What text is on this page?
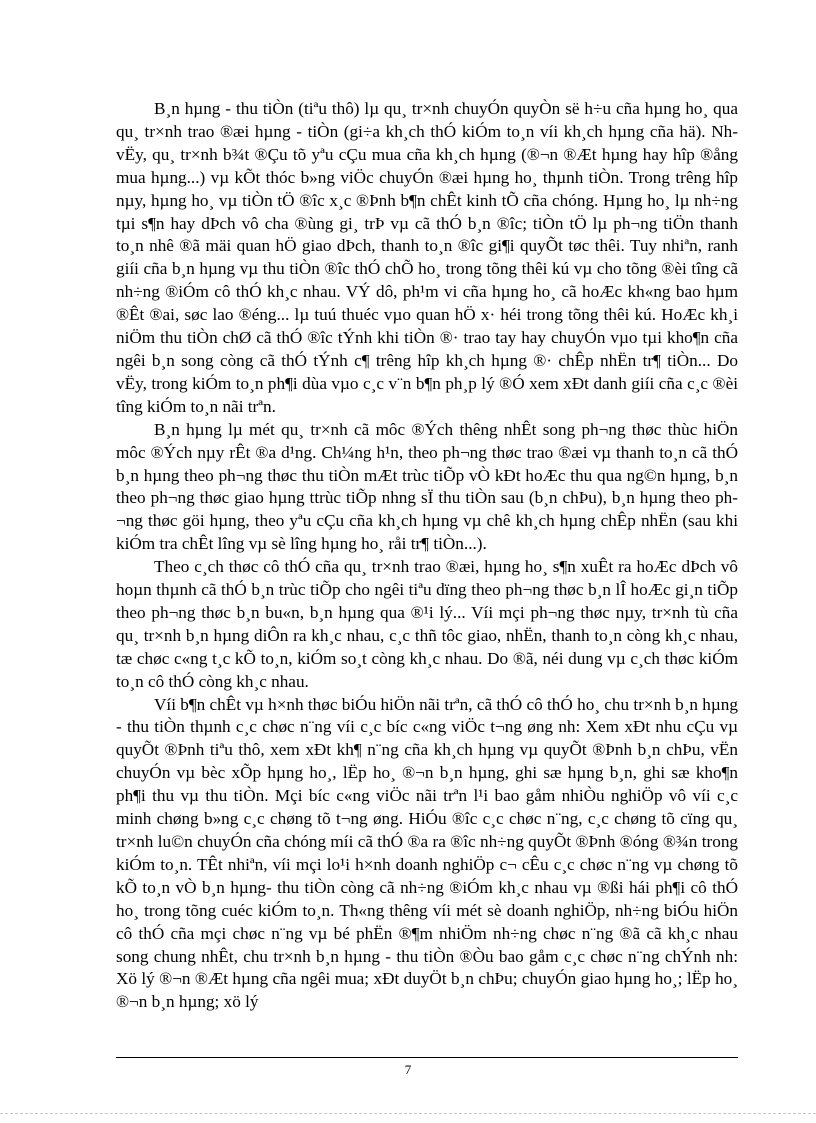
B¸n hµng - thu tiÒn (tiªu thô) lµ qu¸ tr×nh chuyÓn quyÒn së h÷u cña hµng ho¸ qua qu¸ tr×nh trao ®æi hµng - tiÒn (gi÷a kh¸ch thÓ kiÓm to¸n víi kh¸ch hµng cña hä). Nh vËy, qu¸ tr×nh b¾t ®Çu tõ yªu cÇu mua cña kh¸ch hµng (®¬n ®Æt hµng hay hîp ®ång mua hµng...) vµ kÕt thóc b»ng viÖc chuyÓn ®æi hµng ho¸ thµnh tiÒn. Trong trêng hîp nµy, hµng ho¸ vµ tiÒn tÖ ®îc x¸c ®Þnh b¶n chÊt kinh tÕ cña chóng. Hµng ho¸ lµ nh÷ng tµi s¶n hay dÞch vô cha ®ùng gi¸ trÞ vµ cã thÓ b¸n ®îc; tiÒn tÖ lµ ph¬ng tiÖn thanh to¸n nhê ®ã mäi quan hÖ giao dÞch, thanh to¸n ®îc gi¶i quyÕt tøc thêi. Tuy nhiªn, ranh giíi cña b¸n hµng vµ thu tiÒn ®îc thÓ chÕ ho¸ trong tõng thêi kú vµ cho tõng ®èi tîng cã nh÷ng ®iÓm cô thÓ kh¸c nhau. VÝ dô, ph¹m vi cña hµng ho¸ cã hoÆc kh«ng bao hµm ®Êt ®ai, søc lao ®éng... lµ tuú thuéc vµo quan hÖ x· héi trong tõng thêi kú. HoÆc kh¸i niÖm thu tiÒn chØ cã thÓ ®îc tÝnh khi tiÒn ®· trao tay hay chuyÓn vµo tµi kho¶n cña ngêi b¸n song còng cã thÓ tÝnh c¶ trêng hîp kh¸ch hµng ®· chÊp nhËn tr¶ tiÒn... Do vËy, trong kiÓm to¸n ph¶i dùa vµo c¸c v¨n b¶n ph¸p lý ®Ó xem xÐt danh giíi cña c¸c ®èi tîng kiÓm to¸n nãi trªn.

B¸n hµng lµ mét qu¸ tr×nh cã môc ®Ých thêng nhÊt song ph¬ng thøc thùc hiÖn môc ®Ých nµy rÊt ®a d¹ng. Ch¼ng h¹n, theo ph¬ng thøc trao ®æi vµ thanh to¸n cã thÓ b¸n hµng theo ph¬ng thøc thu tiÒn mÆt trùc tiÕp vÒ kÐt hoÆc thu qua ng©n hµng, b¸n theo ph¬ng thøc giao hµng ttrùc tiÕp nhng sÏ thu tiÒn sau (b¸n chÞu), b¸n hµng theo ph¬ng thøc göi hµng, theo yªu cÇu cña kh¸ch hµng vµ chê kh¸ch hµng chÊp nhËn (sau khi kiÓm tra chÊt lîng vµ sè lîng hµng ho¸ råi tr¶ tiÒn...).

Theo c¸ch thøc cô thÓ cña qu¸ tr×nh trao ®æi, hµng ho¸ s¶n xuÊt ra hoÆc dÞch vô hoµn thµnh cã thÓ b¸n trùc tiÕp cho ngêi tiªu dïng theo ph¬ng thøc b¸n lÎ hoÆc gi¸n tiÕp theo ph¬ng thøc b¸n bu«n, b¸n hµng qua ®¹i lý... Víi mçi ph¬ng thøc nµy, tr×nh tù cña qu¸ tr×nh b¸n hµng diÔn ra kh¸c nhau, c¸c thñ tôc giao, nhËn, thanh to¸n còng kh¸c nhau, tæ chøc c«ng t¸c kÕ to¸n, kiÓm so¸t còng kh¸c nhau. Do ®ã, néi dung vµ c¸ch thøc kiÓm to¸n cô thÓ còng kh¸c nhau.

Víi b¶n chÊt vµ h×nh thøc biÓu hiÖn nãi trªn, cã thÓ cô thÓ ho¸ chu tr×nh b¸n hµng - thu tiÒn thµnh c¸c chøc n¨ng víi c¸c bíc c«ng viÖc t¬ng øng nh: Xem xÐt nhu cÇu vµ quyÕt ®Þnh tiªu thô, xem xÐt kh¶ n¨ng cña kh¸ch hµng vµ quyÕt ®Þnh b¸n chÞu, vËn chuyÓn vµ bèc xÕp hµng ho¸, lËp ho¸ ®¬n b¸n hµng, ghi sæ hµng b¸n, ghi sæ kho¶n ph¶i thu vµ thu tiÒn. Mçi bíc c«ng viÖc nãi trªn l¹i bao gåm nhiÒu nghiÖp vô víi c¸c minh chøng b»ng c¸c chøng tõ t¬ng øng. HiÓu ®îc c¸c chøc n¨ng, c¸c chøng tõ cïng qu¸ tr×nh lu©n chuyÓn cña chóng míi cã thÓ ®a ra ®îc nh÷ng quyÕt ®Þnh ®óng ®¾n trong kiÓm to¸n. TÊt nhiªn, víi mçi lo¹i h×nh doanh nghiÖp c¬ cÊu c¸c chøc n¨ng vµ chøng tõ kÕ to¸n vÒ b¸n hµng- thu tiÒn còng cã nh÷ng ®iÓm kh¸c nhau vµ ®ßi hái ph¶i cô thÓ ho¸ trong tõng cuéc kiÓm to¸n. Th«ng thêng víi mét sè doanh nghiÖp, nh÷ng biÓu hiÖn cô thÓ cña mçi chøc n¨ng vµ bé phËn ®¶m nhiÖm nh÷ng chøc n¨ng ®ã cã kh¸c nhau song chung nhÊt, chu tr×nh b¸n hµng - thu tiÒn ®Òu bao gåm c¸c chøc n¨ng chÝnh nh: Xö lý ®¬n ®Æt hµng cña ngêi mua; xÐt duyÖt b¸n chÞu; chuyÓn giao hµng ho¸; lËp ho¸ ®¬n b¸n hµng; xö lý

7
